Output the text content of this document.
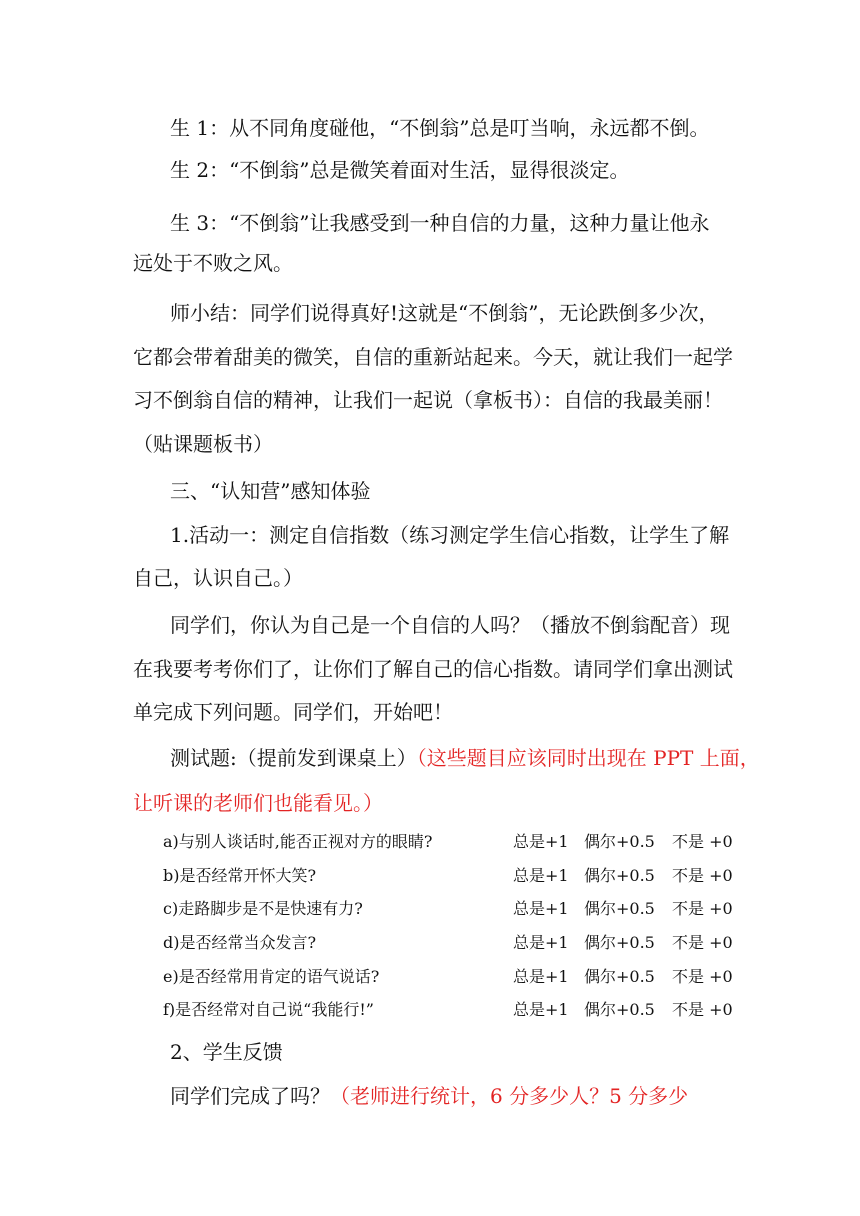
生 1：从不同角度碰他，“不倒翁”总是叮当响，永远都不倒。
生 2：“不倒翁”总是微笑着面对生活，显得很淡定。
生 3：“不倒翁”让我感受到一种自信的力量，这种力量让他永
远处于不败之风。
师小结：同学们说得真好!这就是“不倒翁”，无论跌倒多少次，
它都会带着甜美的微笑，自信的重新站起来。今天，就让我们一起学
习不倒翁自信的精神，让我们一起说（拿板书）：自信的我最美丽！
（贴课题板书）
三、“认知营”感知体验
1.活动一：测定自信指数（练习测定学生信心指数，让学生了解
自己，认识自己。）
同学们，你认为自己是一个自信的人吗？（播放不倒翁配音）现
在我要考考你们了，让你们了解自己的信心指数。请同学们拿出测试
单完成下列问题。同学们，开始吧！
测试题:（提前发到课桌上）（这些题目应该同时出现在 PPT 上面，
让听课的老师们也能看见。）
a)与别人谈话时,能否正视对方的眼睛?	总是+1 偶尔+0.5 不是 +0
b)是否经常开怀大笑?	总是+1 偶尔+0.5 不是 +0
c)走路脚步是不是快速有力?	总是+1 偶尔+0.5 不是 +0
d)是否经常当众发言?	总是+1 偶尔+0.5 不是 +0
e)是否经常用肯定的语气说话?	总是+1 偶尔+0.5 不是 +0
f)是否经常对自己说“我能行!”	总是+1 偶尔+0.5 不是 +0
2、学生反馈
同学们完成了吗？（老师进行统计，6 分多少人？5 分多少
